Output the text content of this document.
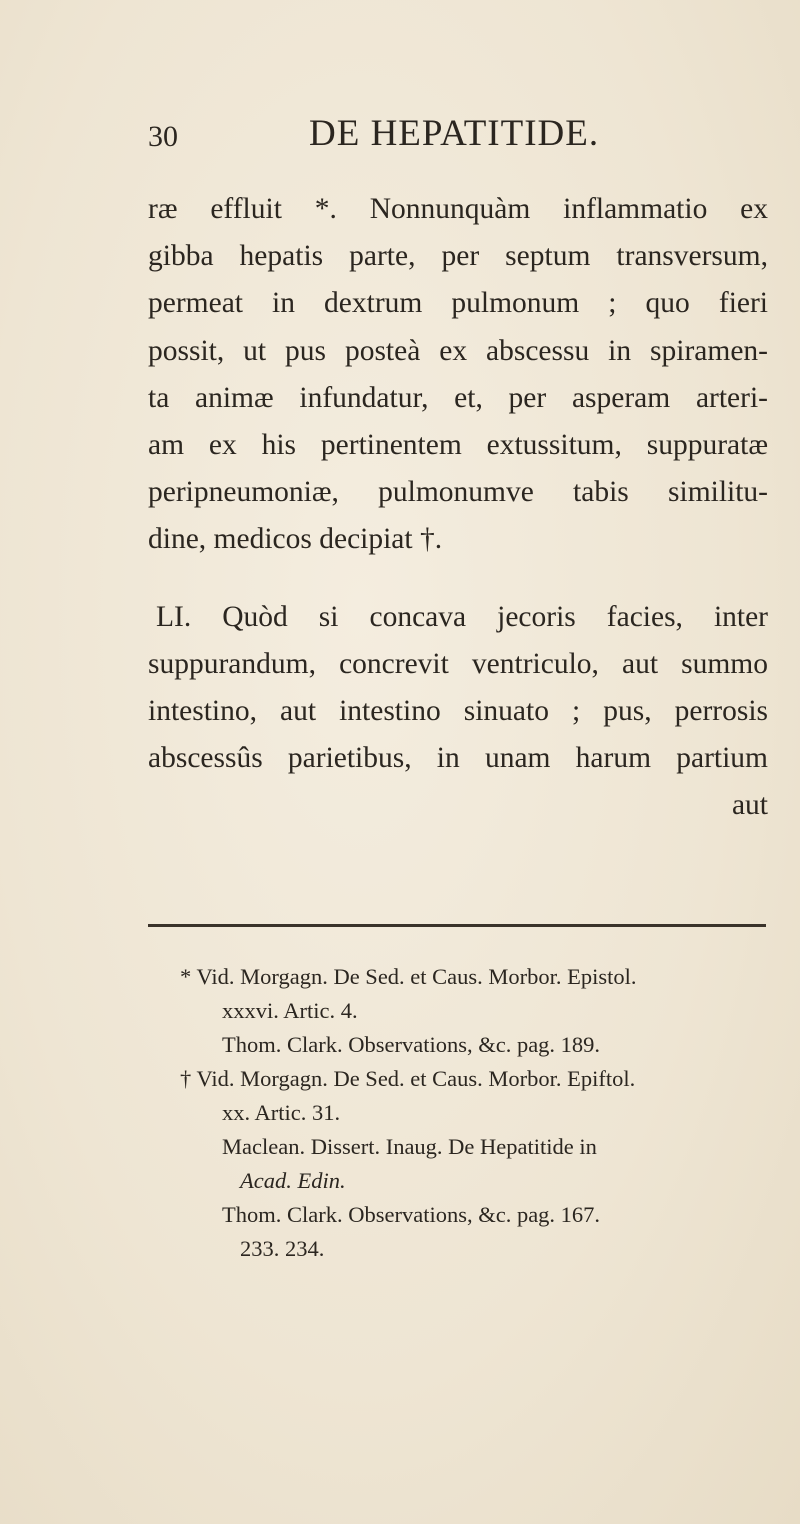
30	DE HEPATITIDE.
ræ effluit *. Nonnunquàm inflammatio ex
gibba hepatis parte, per septum transversum,
permeat in dextrum pulmonum ; quo fieri
possit, ut pus posteà ex abscessu in spiramen-
ta animæ infundatur, et, per asperam arteri-
am ex his pertinentem extussitum, suppuratæ
peripneumoniæ, pulmonumve tabis similitu-
dine, medicos decipiat †.
LI. Quòd si concava jecoris facies, inter
suppurandum, concrevit ventriculo, aut summo
intestino, aut intestino sinuato ; pus, perrosis
abscessûs parietibus, in unam harum partium
aut
* Vid. Morgagn. De Sed. et Caus. Morbor. Epistol.
xxxvi. Artic. 4.
Thom. Clark. Observations, &c. pag. 189.
† Vid. Morgagn. De Sed. et Caus. Morbor. Epiftol.
xx. Artic. 31.
Maclean. Dissert. Inaug. De Hepatitide in
Acad. Edin.
Thom. Clark. Observations, &c. pag. 167.
233. 234.
